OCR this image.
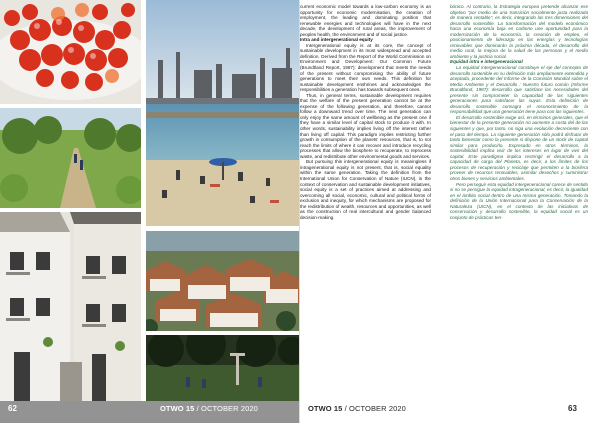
62	OTWO 15 / OCTOBER 2020

current economic model towards a low-carbon economy is an opportunity for economic modernisation, the creation of employment, the leading and dominating position that renewable energies and technologies will have in the next decade, the development of rural areas, the improvement of peoples health, the environment and of social justice.

Intra and intergenerational equity

Intergenerational equity is at its core, the concept of sustainable development in its most widespread and accepted definition. Derived from the Report of the World Commission on Environment and Development: Our Common Future (Brundtland Report, 1987): development that meets the needs of the present without compromising the ability of future generations to meet their own needs. This definition for sustainable development enshrines and acknowledges the responsibilities a generation has towards subsequent ones.

Thus, in general terms, sustainable development requires that the welfare of the present generation cannot be at the expense of the following generation, and therefore, cannot follow a downward trend over time. The next generation can only enjoy the same amount of wellbeing as the present one if they have a similar level of capital stock to produce it with. In other words, sustainability implies living off the interest rather than living off capital. This paradigm implies restricting further growth in consumption of the planets' resources, that is, to not reach the limits of where it can recover and introduce recycling processes that allow the biosphere to recuperate, to reprocess waste, and redistribute other environmental goods and services.

But pursuing this intergenerational equity is meaningless if intragenerational equity is not present, that is, social equality within the same generation. Taking the definition from the International Union for Conservation of Nature (IUCN), in the context of conservation and sustainable development initiatives, social equity is a set of practices aimed at addressing and overcoming all social, economic, cultural and political forms of exclusion and inequity, for which mechanisms are proposed for the redistribution of wealth, resources and opportunities, as well as the construction of real intercultural and gender balanced decision-making.

bónico. Al contrario, la Estrategia europea pretende alcanzar ese objetivo "por medio de una transición socialmente justa realizada de manera rentable", es decir, integrando las tres dimensiones del desarrollo sostenible. La transformación del modelo económico hacia una economía baja en carbono une oportunidad para la modernización de la economía, la creación de empleo, el posicionamiento de liderazgo en las energías y tecnologías renovables que dominarán la próxima década, el desarrollo del medio rural, la mejora de la salud de las personas y el medio ambiente y la justicia social.

Equidad intra e intergeneracional

La equidad intergeneracional constituye el eje del concepto de desarrollo sostenible en su definición más ampliamente extendida y aceptada, procedente del Informe de la Comisión Mundial sobre el Medio Ambiente y el Desarrollo : Nuestro futuro común (Informe Brundtland, 1987): desarrollo que satisface las necesidades del presente sin comprometer la capacidad de las siguientes generaciones para satisfacer las suyas. Esta definición de desarrollo sostenible consagra el reconocimiento de la responsabilidad que una generación tiene para con las siguientes.

El desarrollo sostenible exige así, en términos generales, que el bienestar de la presente generación no aumente a costa del de las siguientes y que, por tanto, no siga una evolución decreciente con el paso del tiempo. La siguiente generación sólo podrá disfrutar de tanto bienestar como la presente si dispone de un stock de capital similar para producirlo. Expresado en otros términos, la sostenibilidad implica vivir de los intereses en lugar de vivir del capital. Este paradigma implica restringir el desarrollo a la capacidad de carga del Planeta, es decir, a los límites de los procesos de recuperación y reciclaje que permiten a la biosfera proveer de recursos renovables, asimilar desechos y suministrar otros bienes y servicios ambientales.

Pero perseguir esta equidad intergeneracional carece de sentido si no se persigue la equidad intrageneracional, es decir, la igualdad en el ámbito social dentro de una misma generación. Tomando la definición de la Unión Internacional para la Conservación de la Naturaleza (UICN), en el contexto de las iniciativas de conservación y desarrollo sostenible, la equidad social es un conjunto de prácticas ten-

63
OTWO 15 / OCTOBER 2020
